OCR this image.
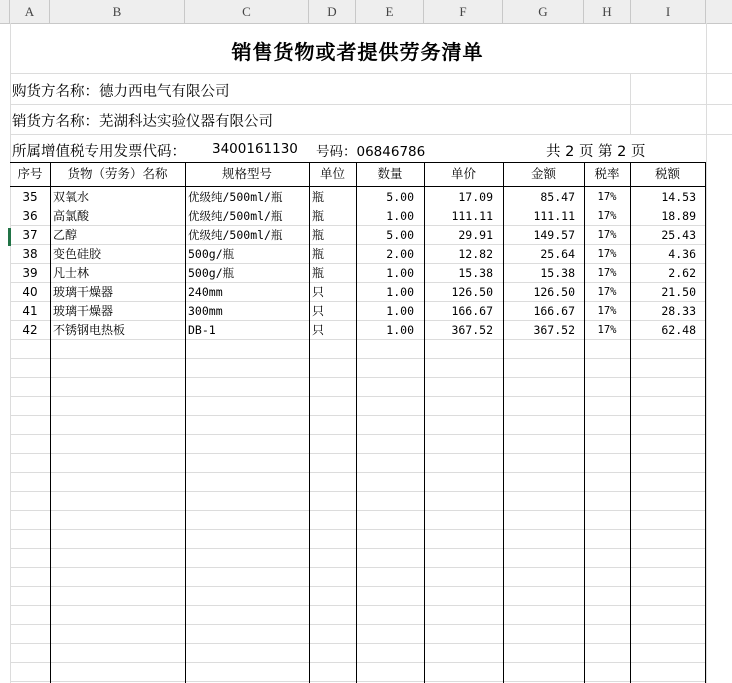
A	B	C	D	E	F	G	H	I
销售货物或者提供劳务清单
购货方名称：德力西电气有限公司
销货方名称：芜湖科达实验仪器有限公司
所属增值税专用发票代码： 3400161130 号码：06846786	共 2 页 第 2 页
序号	货物（劳务）名称	规格型号	单位	数量	单价	金额	税率	税额
35	双氧水	优级纯/500ml/瓶	瓶	5.00	17.09	85.47	17%	14.53
36	高氯酸	优级纯/500ml/瓶	瓶	1.00	111.11	111.11	17%	18.89
37	乙醇	优级纯/500ml/瓶	瓶	5.00	29.91	149.57	17%	25.43
38	变色硅胶	500g/瓶	瓶	2.00	12.82	25.64	17%	4.36
39	凡士林	500g/瓶	瓶	1.00	15.38	15.38	17%	2.62
40	玻璃干燥器	240mm	只	1.00	126.50	126.50	17%	21.50
41	玻璃干燥器	300mm	只	1.00	166.67	166.67	17%	28.33
42	不锈钢电热板	DB-1	只	1.00	367.52	367.52	17%	62.48
